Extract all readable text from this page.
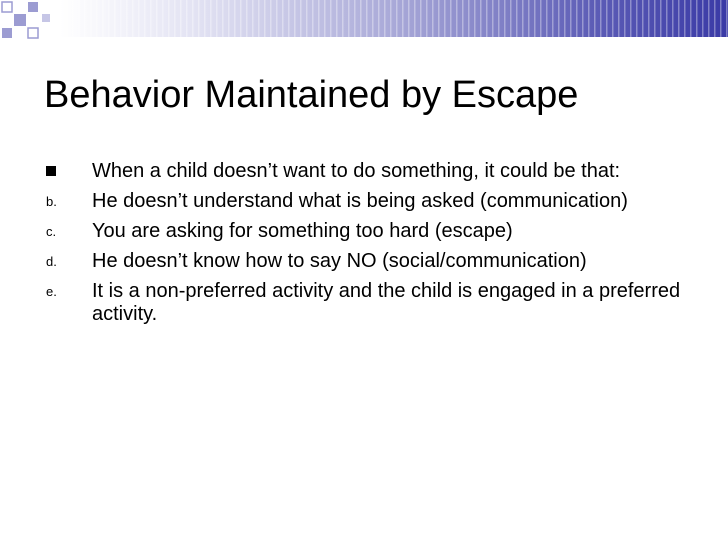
Behavior Maintained by Escape
When a child doesn’t want to do something, it could be that:
b.	He doesn’t understand what is being asked (communication)
c.	You are asking for something too hard (escape)
d.	He doesn’t know how to say NO (social/communication)
e.	It is a non-preferred activity and the child is engaged in a preferred activity.
